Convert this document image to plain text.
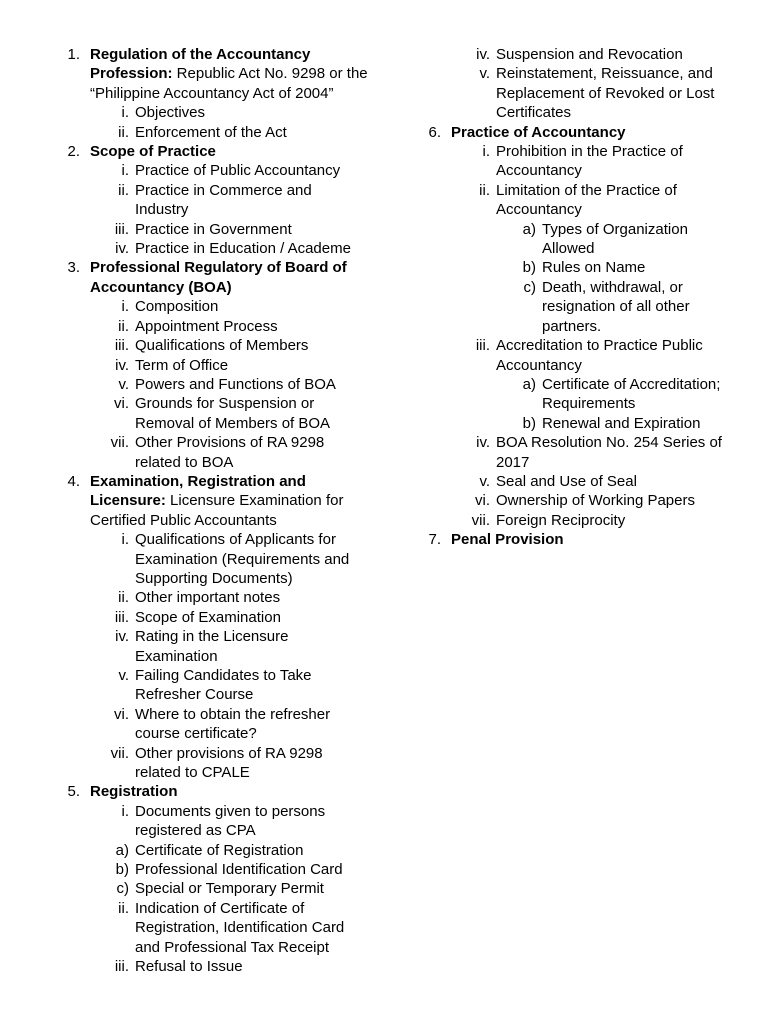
1. Regulation of the Accountancy Profession: Republic Act No. 9298 or the “Philippine Accountancy Act of 2004”
i. Objectives
ii. Enforcement of the Act
2. Scope of Practice
i. Practice of Public Accountancy
ii. Practice in Commerce and Industry
iii. Practice in Government
iv. Practice in Education / Academe
3. Professional Regulatory of Board of Accountancy (BOA)
i. Composition
ii. Appointment Process
iii. Qualifications of Members
iv. Term of Office
v. Powers and Functions of BOA
vi. Grounds for Suspension or Removal of Members of BOA
vii. Other Provisions of RA 9298 related to BOA
4. Examination, Registration and Licensure: Licensure Examination for Certified Public Accountants
i. Qualifications of Applicants for Examination (Requirements and Supporting Documents)
ii. Other important notes
iii. Scope of Examination
iv. Rating in the Licensure Examination
v. Failing Candidates to Take Refresher Course
vi. Where to obtain the refresher course certificate?
vii. Other provisions of RA 9298 related to CPALE
5. Registration
i. Documents given to persons registered as CPA
a) Certificate of Registration
b) Professional Identification Card
c) Special or Temporary Permit
ii. Indication of Certificate of Registration, Identification Card and Professional Tax Receipt
iii. Refusal to Issue
iv. Suspension and Revocation
v. Reinstatement, Reissuance, and Replacement of Revoked or Lost Certificates
6. Practice of Accountancy
i. Prohibition in the Practice of Accountancy
ii. Limitation of the Practice of Accountancy
a) Types of Organization Allowed
b) Rules on Name
c) Death, withdrawal, or resignation of all other partners.
iii. Accreditation to Practice Public Accountancy
a) Certificate of Accreditation; Requirements
b) Renewal and Expiration
iv. BOA Resolution No. 254 Series of 2017
v. Seal and Use of Seal
vi. Ownership of Working Papers
vii. Foreign Reciprocity
7. Penal Provision
